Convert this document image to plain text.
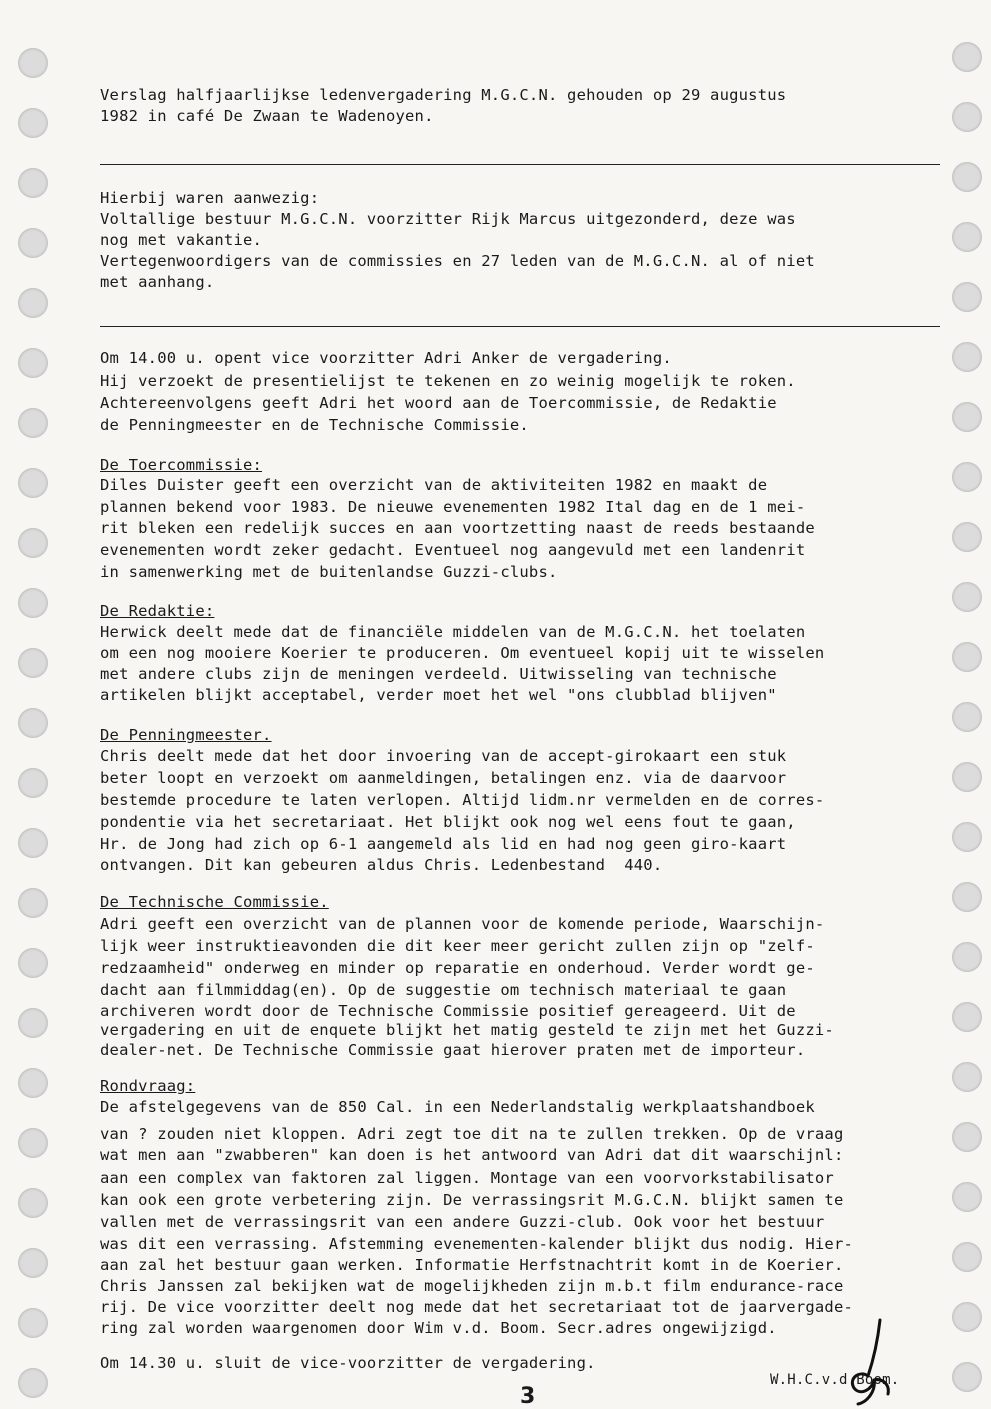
Verslag halfjaarlijkse ledenvergadering M.G.C.N. gehouden op 29 augustus
1982 in café De Zwaan te Wadenoyen.
Hierbij waren aanwezig:
Voltallige bestuur M.G.C.N. voorzitter Rijk Marcus uitgezonderd, deze was
nog met vakantie.
Vertegenwoordigers van de commissies en 27 leden van de M.G.C.N. al of niet
met aanhang.
Om 14.00 u. opent vice voorzitter Adri Anker de vergadering.
Hij verzoekt de presentielijst te tekenen en zo weinig mogelijk te roken.
Achtereenvolgens geeft Adri het woord aan de Toercommissie, de Redaktie
de Penningmeester en de Technische Commissie.
De Toercommissie:
Diles Duister geeft een overzicht van de aktiviteiten 1982 en maakt de
plannen bekend voor 1983. De nieuwe evenementen 1982 Ital dag en de 1 mei-
rit bleken een redelijk succes en aan voortzetting naast de reeds bestaande
evenementen wordt zeker gedacht. Eventueel nog aangevuld met een landenrit
in samenwerking met de buitenlandse Guzzi-clubs.
De Redaktie:
Herwick deelt mede dat de financiële middelen van de M.G.C.N. het toelaten
om een nog mooiere Koerier te produceren. Om eventueel kopij uit te wisselen
met andere clubs zijn de meningen verdeeld. Uitwisseling van technische
artikelen blijkt acceptabel, verder moet het wel "ons clubblad blijven"
De Penningmeester.
Chris deelt mede dat het door invoering van de accept-girokaart een stuk
beter loopt en verzoekt om aanmeldingen, betalingen enz. via de daarvoor
bestemde procedure te laten verlopen. Altijd lidm.nr vermelden en de corres-
pondentie via het secretariaat. Het blijkt ook nog wel eens fout te gaan,
Hr. de Jong had zich op 6-1 aangemeld als lid en had nog geen giro-kaart
ontvangen. Dit kan gebeuren aldus Chris. Ledenbestand  440.
De Technische Commissie.
Adri geeft een overzicht van de plannen voor de komende periode, Waarschijn-
lijk weer instruktieavonden die dit keer meer gericht zullen zijn op "zelf-
redzaamheid" onderweg en minder op reparatie en onderhoud. Verder wordt ge-
dacht aan filmmiddag(en). Op de suggestie om technisch materiaal te gaan
archiveren wordt door de Technische Commissie positief gereageerd. Uit de
vergadering en uit de enquete blijkt het matig gesteld te zijn met het Guzzi-
dealer-net. De Technische Commissie gaat hierover praten met de importeur.
Rondvraag:
De afstelgegevens van de 850 Cal. in een Nederlandstalig werkplaatshandboek
van ? zouden niet kloppen. Adri zegt toe dit na te zullen trekken. Op de vraag
wat men aan "zwabberen" kan doen is het antwoord van Adri dat dit waarschijnl:
aan een complex van faktoren zal liggen. Montage van een voorvorkstabilisator
kan ook een grote verbetering zijn. De verrassingsrit M.G.C.N. blijkt samen te
vallen met de verrassingsrit van een andere Guzzi-club. Ook voor het bestuur
was dit een verrassing. Afstemming evenementen-kalender blijkt dus nodig. Hier-
aan zal het bestuur gaan werken. Informatie Herfstnachtrit komt in de Koerier.
Chris Janssen zal bekijken wat de mogelijkheden zijn m.b.t film endurance-race
rij. De vice voorzitter deelt nog mede dat het secretariaat tot de jaarvergade-
ring zal worden waargenomen door Wim v.d. Boom. Secr.adres ongewijzigd.
Om 14.30 u. sluit de vice-voorzitter de vergadering.
W.H.C.v.d.Boom.
3
